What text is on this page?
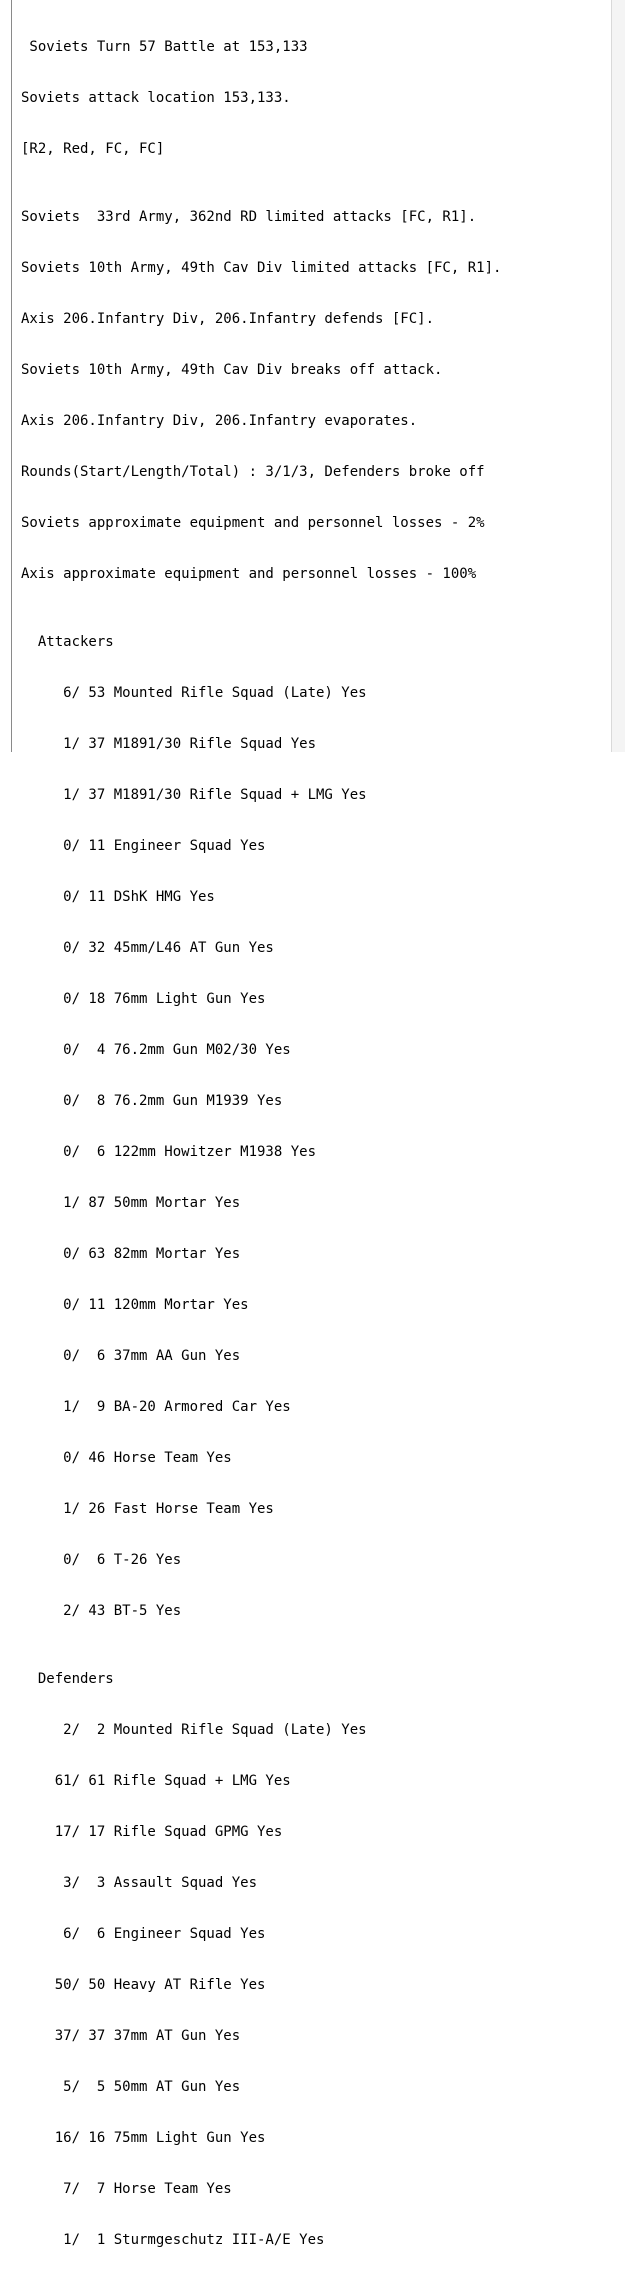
Soviets Turn 57 Battle at 153,133

Soviets attack location 153,133.

[R2, Red, FC, FC]

Soviets  33rd Army, 362nd RD limited attacks [FC, R1].

Soviets 10th Army, 49th Cav Div limited attacks [FC, R1].

Axis 206.Infantry Div, 206.Infantry defends [FC].

Soviets 10th Army, 49th Cav Div breaks off attack.

Axis 206.Infantry Div, 206.Infantry evaporates.

Rounds(Start/Length/Total) : 3/1/3, Defenders broke off

Soviets approximate equipment and personnel losses - 2%

Axis approximate equipment and personnel losses - 100%

Attackers

6/ 53 Mounted Rifle Squad (Late) Yes

1/ 37 M1891/30 Rifle Squad Yes

1/ 37 M1891/30 Rifle Squad + LMG Yes

0/ 11 Engineer Squad Yes

0/ 11 DShK HMG Yes

0/ 32 45mm/L46 AT Gun Yes

0/ 18 76mm Light Gun Yes

0/  4 76.2mm Gun M02/30 Yes

0/  8 76.2mm Gun M1939 Yes

0/  6 122mm Howitzer M1938 Yes

1/ 87 50mm Mortar Yes

0/ 63 82mm Mortar Yes

0/ 11 120mm Mortar Yes

0/  6 37mm AA Gun Yes

1/  9 BA-20 Armored Car Yes

0/ 46 Horse Team Yes

1/ 26 Fast Horse Team Yes

0/  6 T-26 Yes

2/ 43 BT-5 Yes

Defenders

2/  2 Mounted Rifle Squad (Late) Yes

61/ 61 Rifle Squad + LMG Yes

17/ 17 Rifle Squad GPMG Yes

3/  3 Assault Squad Yes

6/  6 Engineer Squad Yes

50/ 50 Heavy AT Rifle Yes

37/ 37 37mm AT Gun Yes

5/  5 50mm AT Gun Yes

16/ 16 75mm Light Gun Yes

7/  7 Horse Team Yes

1/  1 Sturmgeschutz III-A/E Yes
